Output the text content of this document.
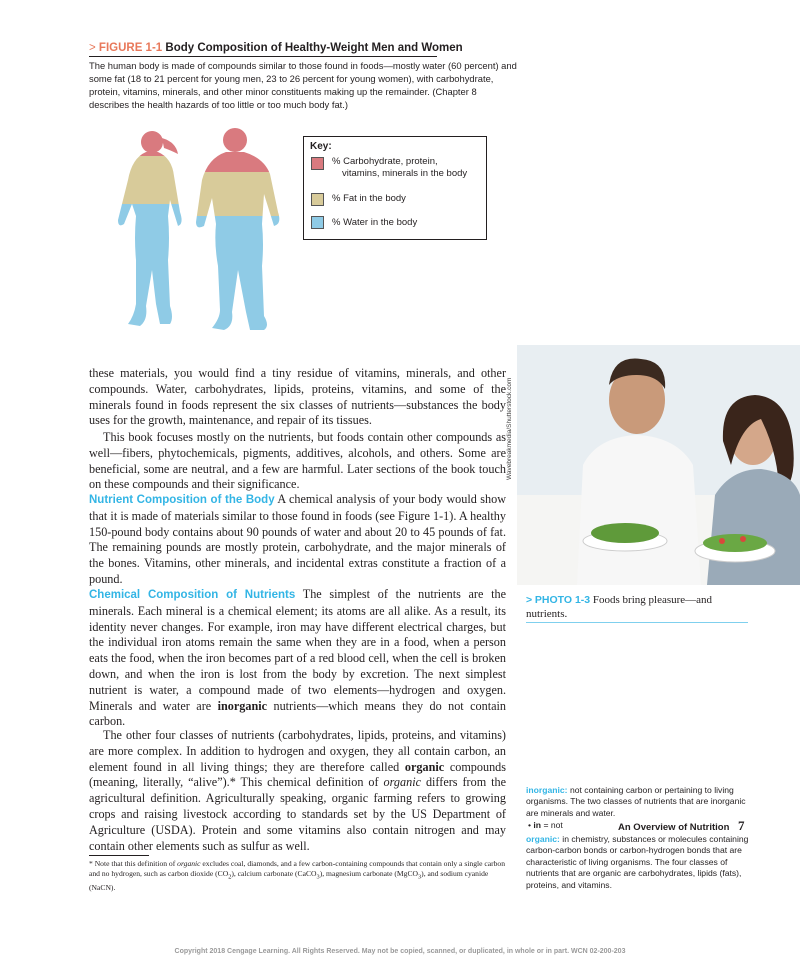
> FIGURE 1-1 Body Composition of Healthy-Weight Men and Women
The human body is made of compounds similar to those found in foods—mostly water (60 percent) and some fat (18 to 21 percent for young men, 23 to 26 percent for young women), with carbohydrate, protein, vitamins, minerals, and other minor constituents making up the remainder. (Chapter 8 describes the health hazards of too little or too much body fat.)
Key:
% Carbohydrate, protein,
vitamins, minerals in the body
% Fat in the body
% Water in the body
these materials, you would find a tiny residue of vitamins, minerals, and other compounds. Water, carbohydrates, lipids, proteins, vitamins, and some of the minerals found in foods represent the six classes of nutrients—substances the body uses for the growth, maintenance, and repair of its tissues.
This book focuses mostly on the nutrients, but foods contain other compounds as well—fibers, phytochemicals, pigments, additives, alcohols, and others. Some are beneficial, some are neutral, and a few are harmful. Later sections of the book touch on these compounds and their significance.
Nutrient Composition of the Body A chemical analysis of your body would show that it is made of materials similar to those found in foods (see Figure 1-1). A healthy 150-pound body contains about 90 pounds of water and about 20 to 45 pounds of fat. The remaining pounds are mostly protein, carbohydrate, and the major minerals of the bones. Vitamins, other minerals, and incidental extras constitute a fraction of a pound.
Chemical Composition of Nutrients The simplest of the nutrients are the minerals. Each mineral is a chemical element; its atoms are all alike. As a result, its identity never changes. For example, iron may have different electrical charges, but the individual iron atoms remain the same when they are in a food, when a person eats the food, when the iron becomes part of a red blood cell, when the cell is broken down, and when the iron is lost from the body by excretion. The next simplest nutrient is water, a compound made of two elements—hydrogen and oxygen. Minerals and water are inorganic nutrients—which means they do not contain carbon.
The other four classes of nutrients (carbohydrates, lipids, proteins, and vitamins) are more complex. In addition to hydrogen and oxygen, they all contain carbon, an element found in all living things; they are therefore called organic compounds (meaning, literally, “alive”).* This chemical definition of organic differs from the agricultural definition. Agriculturally speaking, organic farming refers to growing crops and raising livestock according to standards set by the US Department of Agriculture (USDA). Protein and some vitamins also contain nitrogen and may contain other elements such as sulfur as well.
Wavebreakmedia/Shutterstock.com
> PHOTO 1-3 Foods bring pleasure—and nutrients.
inorganic: not containing carbon or pertaining to living organisms. The two classes of nutrients that are inorganic are minerals and water.
• in = not
organic: in chemistry, substances or molecules containing carbon-carbon bonds or carbon-hydrogen bonds that are characteristic of living organisms. The four classes of nutrients that are organic are carbohydrates, lipids (fats), proteins, and vitamins.
* Note that this definition of organic excludes coal, diamonds, and a few carbon-containing compounds that contain only a single carbon and no hydrogen, such as carbon dioxide $(CO_2)$, calcium carbonate (CaCO$_3$), magnesium carbonate (MgCO$_3$), and sodium cyanide (NaCN).
An Overview of Nutrition 7
Copyright 2018 Cengage Learning. All Rights Reserved. May not be copied, scanned, or duplicated, in whole or in part. WCN 02-200-203
